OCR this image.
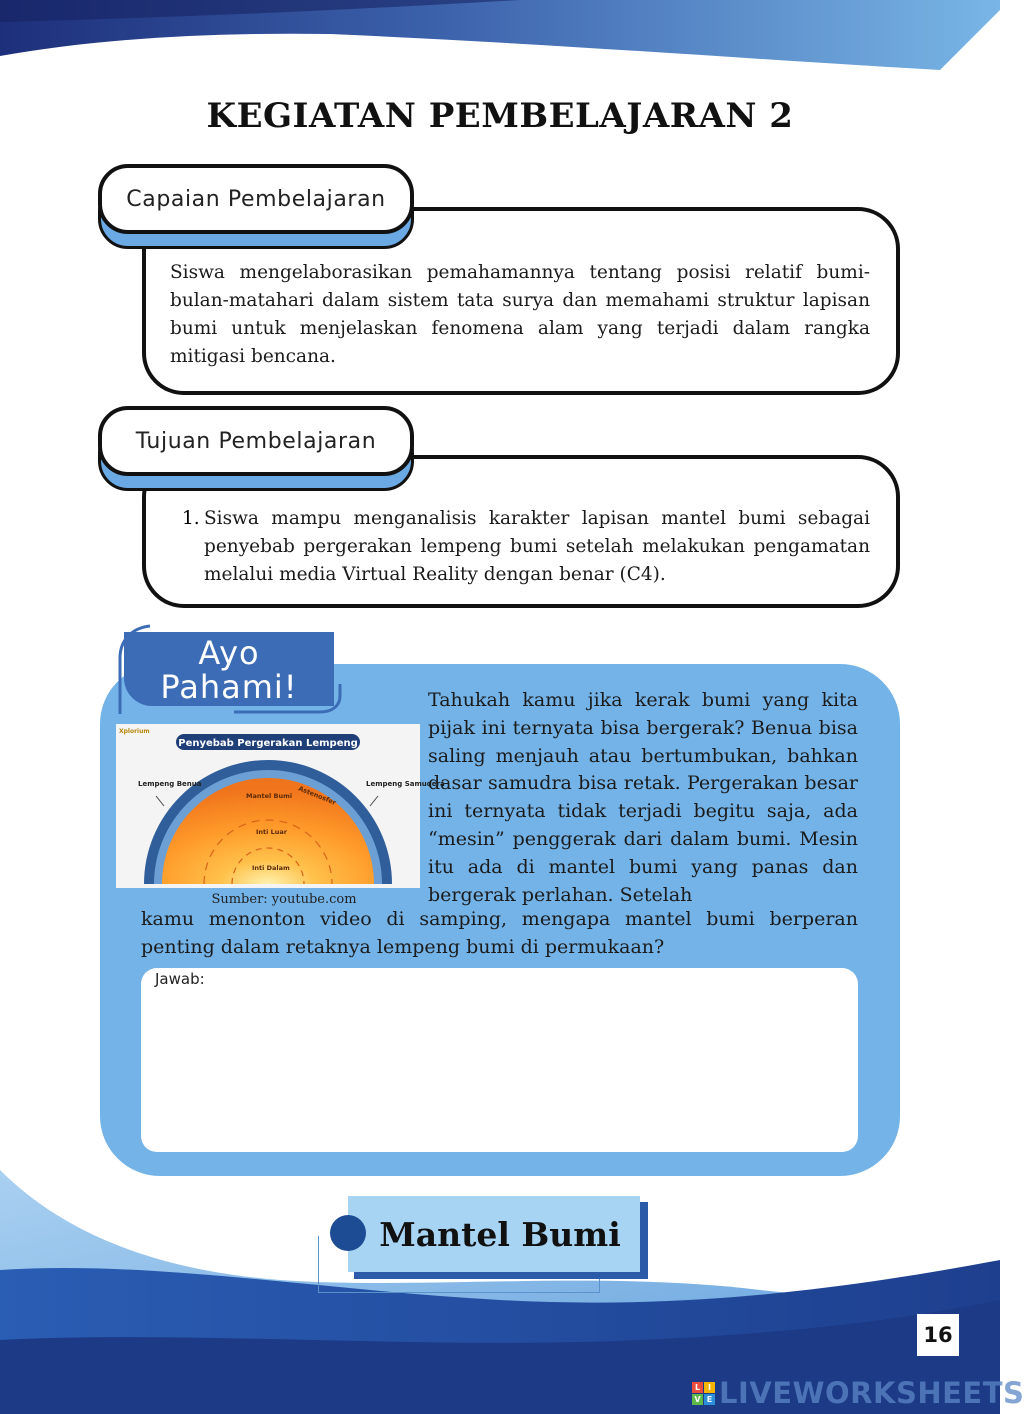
KEGIATAN PEMBELAJARAN 2

Siswa mengelaborasikan pemahamannya tentang posisi relatif bumi-bulan-matahari dalam sistem tata surya dan memahami struktur lapisan bumi untuk menjelaskan fenomena alam yang terjadi dalam rangka mitigasi bencana.

Capaian Pembelajaran
1. Siswa mampu menganalisis karakter lapisan mantel bumi sebagai penyebab pergerakan lempeng bumi setelah melakukan pengamatan melalui media Virtual Reality dengan benar (C4).

Tujuan Pembelajaran
Ayo
Pahami!
Xplorium
Penyebab Pergerakan Lempeng
Lempeng Benua	Lempeng Samudera
Mantel Bumi Astenosfer
Inti Luar
Inti Dalam
Sumber: youtube.com
Tahukah kamu jika kerak bumi yang kita pijak ini ternyata bisa bergerak? Benua bisa saling menjauh atau bertumbukan, bahkan dasar samudra bisa retak. Pergerakan besar ini ternyata tidak terjadi begitu saja, ada “mesin” penggerak dari dalam bumi. Mesin itu ada di mantel bumi yang panas dan bergerak perlahan. Setelah
kamu menonton video di samping, mengapa mantel bumi berperan penting dalam retaknya lempeng bumi di permukaan?
Jawab:
Mantel Bumi
16
L I
V E LIVEWORKSHEETS
